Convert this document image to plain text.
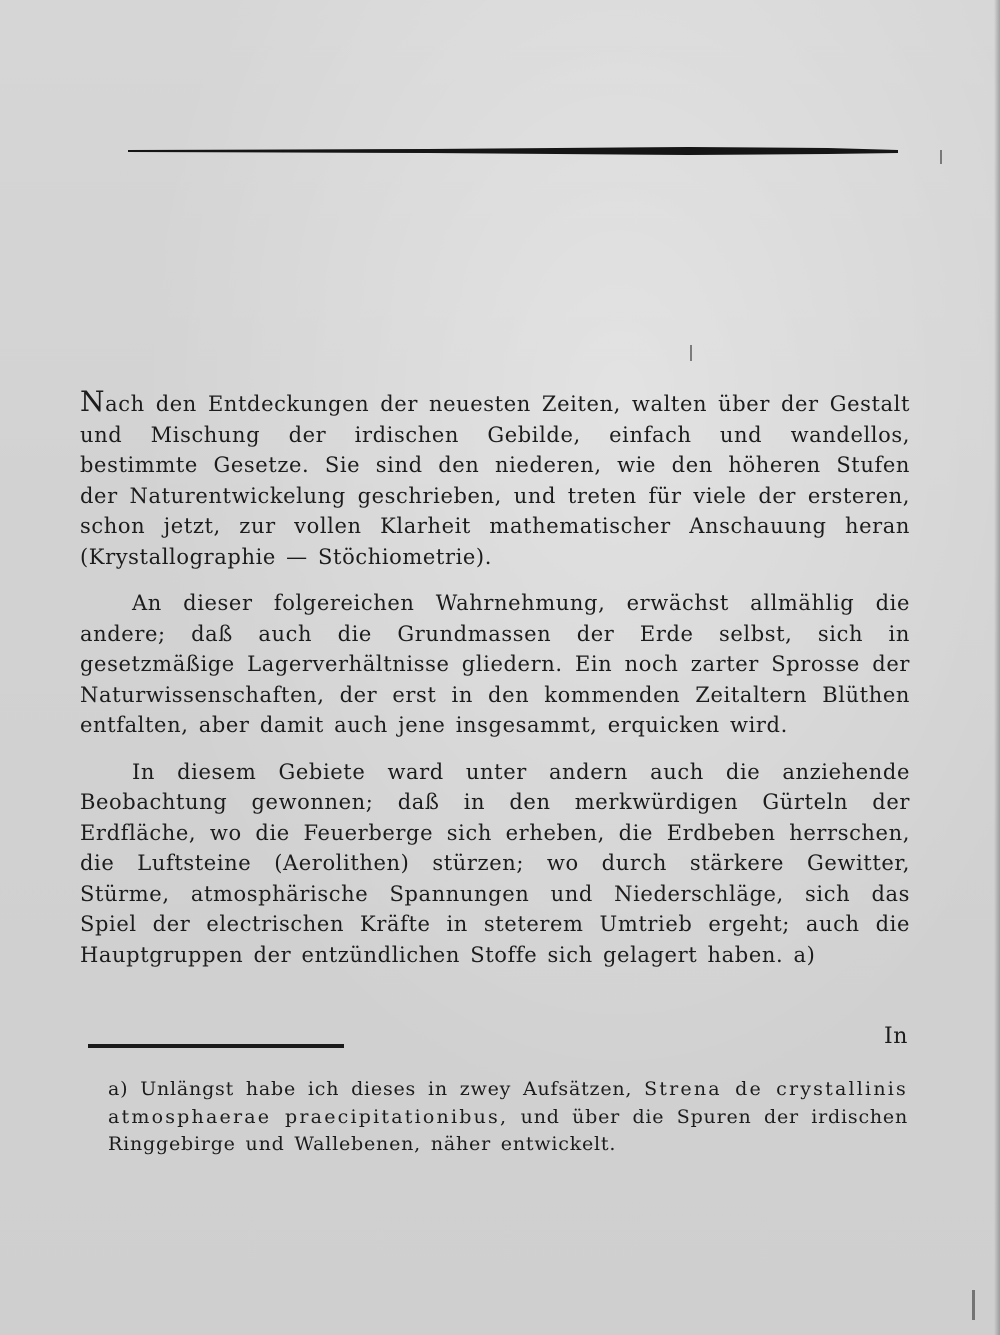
Nach den Entdeckungen der neuesten Zeiten, walten über der Gestalt und Mischung der irdischen Gebilde, einfach und wandellos, bestimmte Gesetze. Sie sind den niederen, wie den höheren Stufen der Naturentwickelung geschrieben, und treten für viele der ersteren, schon jetzt, zur vollen Klarheit mathematischer Anschauung heran (Krystallographie — Stöchiometrie).

An dieser folgereichen Wahrnehmung, erwächst allmählig die andere; daß auch die Grundmassen der Erde selbst, sich in gesetzmäßige Lagerverhältnisse gliedern. Ein noch zarter Sprosse der Naturwissenschaften, der erst in den kommenden Zeitaltern Blüthen entfalten, aber damit auch jene insgesammt, erquicken wird.

In diesem Gebiete ward unter andern auch die anziehende Beobachtung gewonnen; daß in den merkwürdigen Gürteln der Erdfläche, wo die Feuerberge sich erheben, die Erdbeben herrschen, die Luftsteine (Aerolithen) stürzen; wo durch stärkere Gewitter, Stürme, atmosphärische Spannungen und Niederschläge, sich das Spiel der electrischen Kräfte in steterem Umtrieb ergeht; auch die Hauptgruppen der entzündlichen Stoffe sich gelagert haben. a)

In
a) Unlängst habe ich dieses in zwey Aufsätzen, Strena de crystallinis atmosphaerae praecipitationibus, und über die Spuren der irdischen Ringgebirge und Wallebenen, näher entwickelt.
